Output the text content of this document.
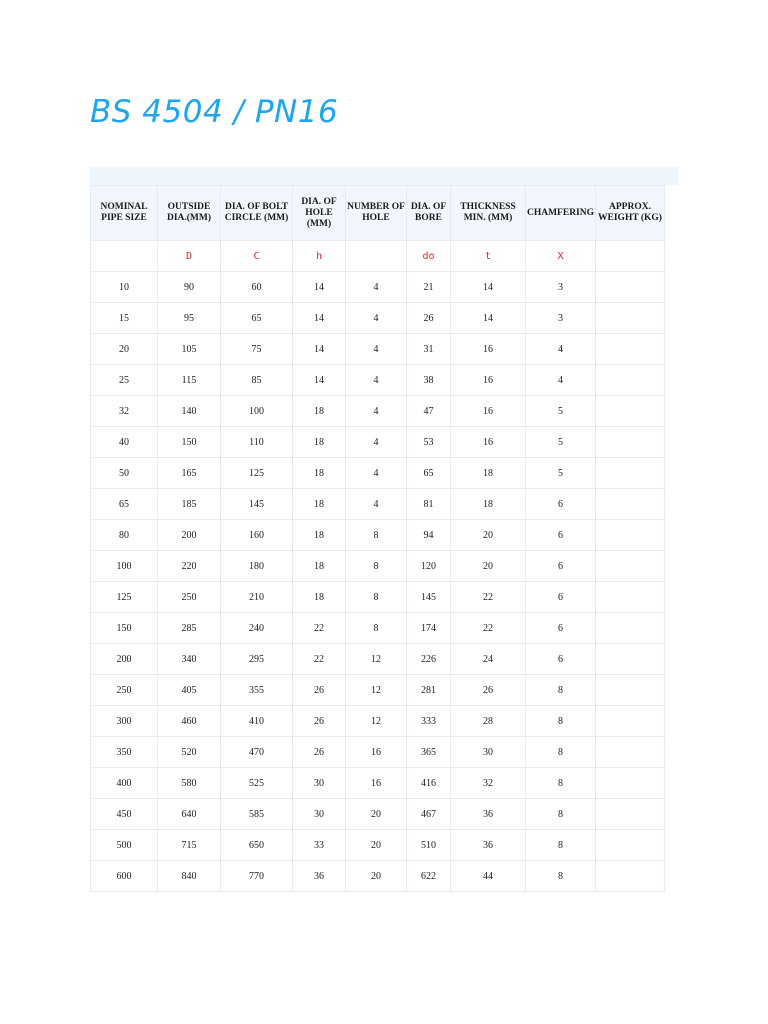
BS 4504 / PN16
NOMINAL PIPE SIZE	OUTSIDE DIA.(MM)	DIA. OF BOLT CIRCLE (MM)	DIA. OF HOLE (MM)	NUMBER OF HOLE	DIA. OF BORE	THICKNESS MIN. (MM)	CHAMFERING	APPROX. WEIGHT (KG)
	D	C	h		do	t	X	
10	90	60	14	4	21	14	3	
15	95	65	14	4	26	14	3	
20	105	75	14	4	31	16	4	
25	115	85	14	4	38	16	4	
32	140	100	18	4	47	16	5	
40	150	110	18	4	53	16	5	
50	165	125	18	4	65	18	5	
65	185	145	18	4	81	18	6	
80	200	160	18	8	94	20	6	
100	220	180	18	8	120	20	6	
125	250	210	18	8	145	22	6	
150	285	240	22	8	174	22	6	
200	340	295	22	12	226	24	6	
250	405	355	26	12	281	26	8	
300	460	410	26	12	333	28	8	
350	520	470	26	16	365	30	8	
400	580	525	30	16	416	32	8	
450	640	585	30	20	467	36	8	
500	715	650	33	20	510	36	8	
600	840	770	36	20	622	44	8	
